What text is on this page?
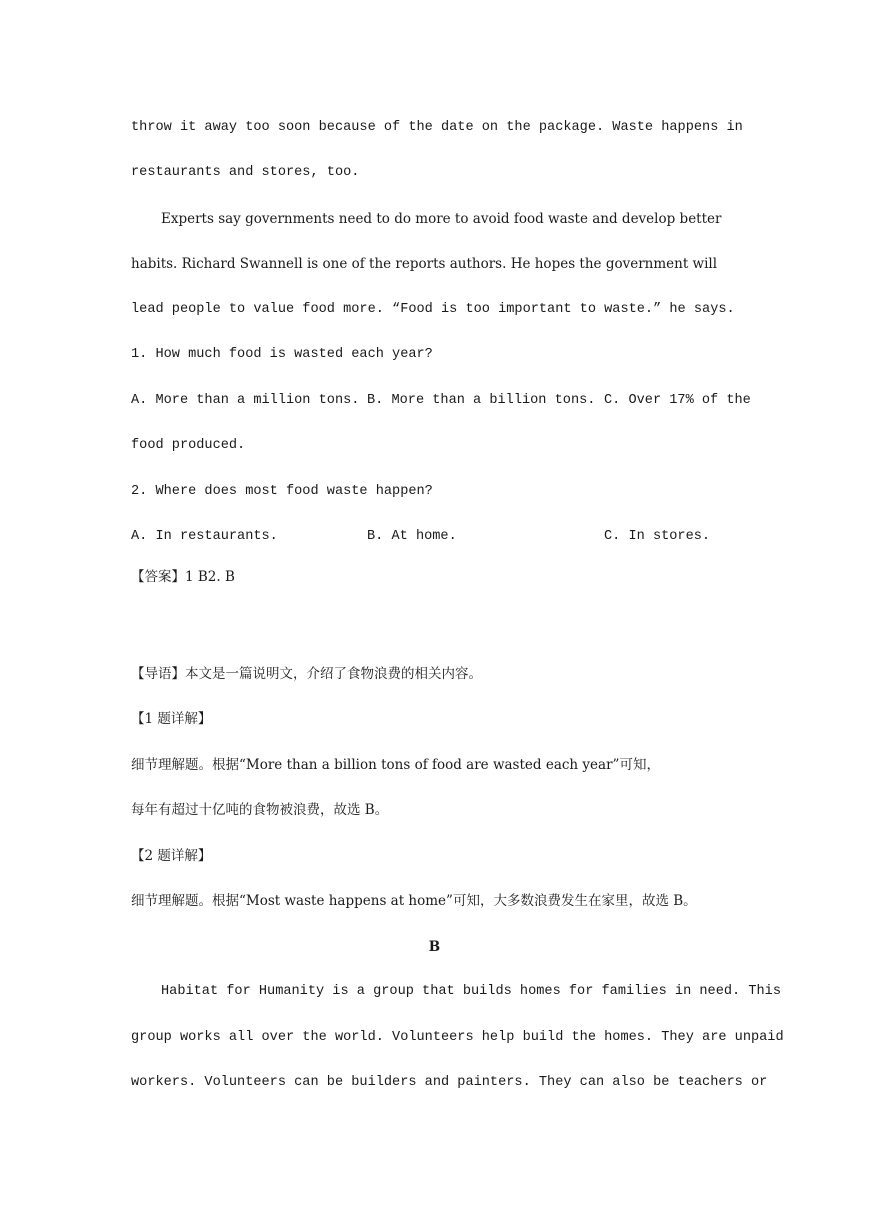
throw it away too soon because of the date on the package. Waste happens in
restaurants and stores, too.
Experts say governments need to do more to avoid food waste and develop better
habits. Richard Swannell is one of the reports authors. He hopes the government will
lead people to value food more. “Food is too important to waste.” he says.
1. How much food is wasted each year?
A. More than a million tons. B. More than a billion tons. C. Over 17% of the
food produced.
2. Where does most food waste happen?
A. In restaurants.	B. At home.	C. In stores.
【答案】1 B2. B
【导语】本文是一篇说明文，介绍了食物浪费的相关内容。
【1 题详解】
细节理解题。根据“More than a billion tons of food are wasted each year”可知，
每年有超过十亿吨的食物被浪费，故选 B。
【2 题详解】
细节理解题。根据“Most waste happens at home”可知，大多数浪费发生在家里，故选 B。
B
Habitat for Humanity is a group that builds homes for families in need. This
group works all over the world. Volunteers help build the homes. They are unpaid
workers. Volunteers can be builders and painters. They can also be teachers or
